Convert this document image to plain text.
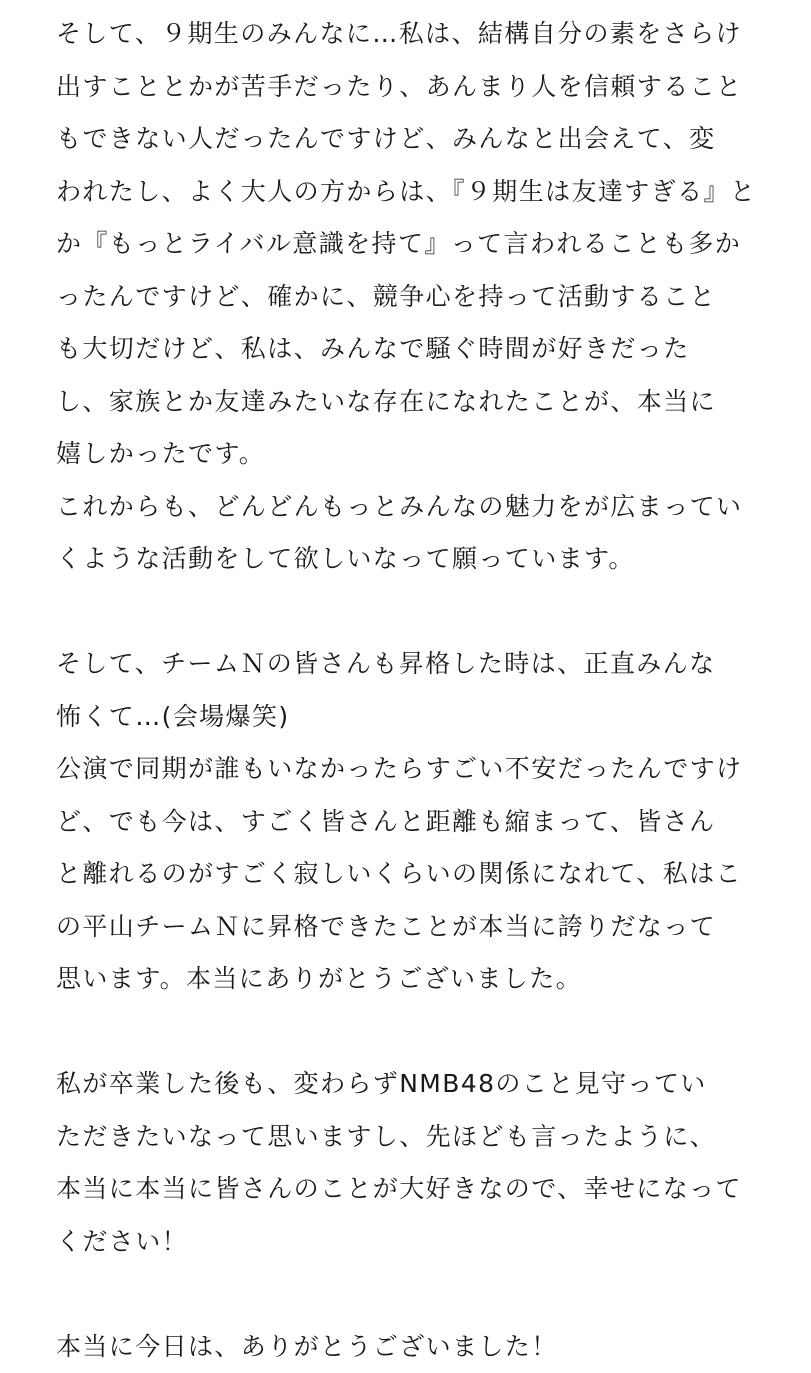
そして、９期生のみんなに…私は、結構自分の素をさらけ
出すこととかが苦手だったり、あんまり人を信頼すること
もできない人だったんですけど、みんなと出会えて、変
われたし、よく大人の方からは、『９期生は友達すぎる』と
か『もっとライバル意識を持て』って言われることも多か
ったんですけど、確かに、競争心を持って活動すること
も大切だけど、私は、みんなで騒ぐ時間が好きだった
し、家族とか友達みたいな存在になれたことが、本当に
嬉しかったです。
これからも、どんどんもっとみんなの魅力をが広まってい
くような活動をして欲しいなって願っています。
そして、チームＮの皆さんも昇格した時は、正直みんな
怖くて…(会場爆笑)
公演で同期が誰もいなかったらすごい不安だったんですけ
ど、でも今は、すごく皆さんと距離も縮まって、皆さん
と離れるのがすごく寂しいくらいの関係になれて、私はこ
の平山チームＮに昇格できたことが本当に誇りだなって
思います。本当にありがとうございました。
私が卒業した後も、変わらずNMB48のこと見守ってい
ただきたいなって思いますし、先ほども言ったように、
本当に本当に皆さんのことが大好きなので、幸せになって
ください！
本当に今日は、ありがとうございました！
